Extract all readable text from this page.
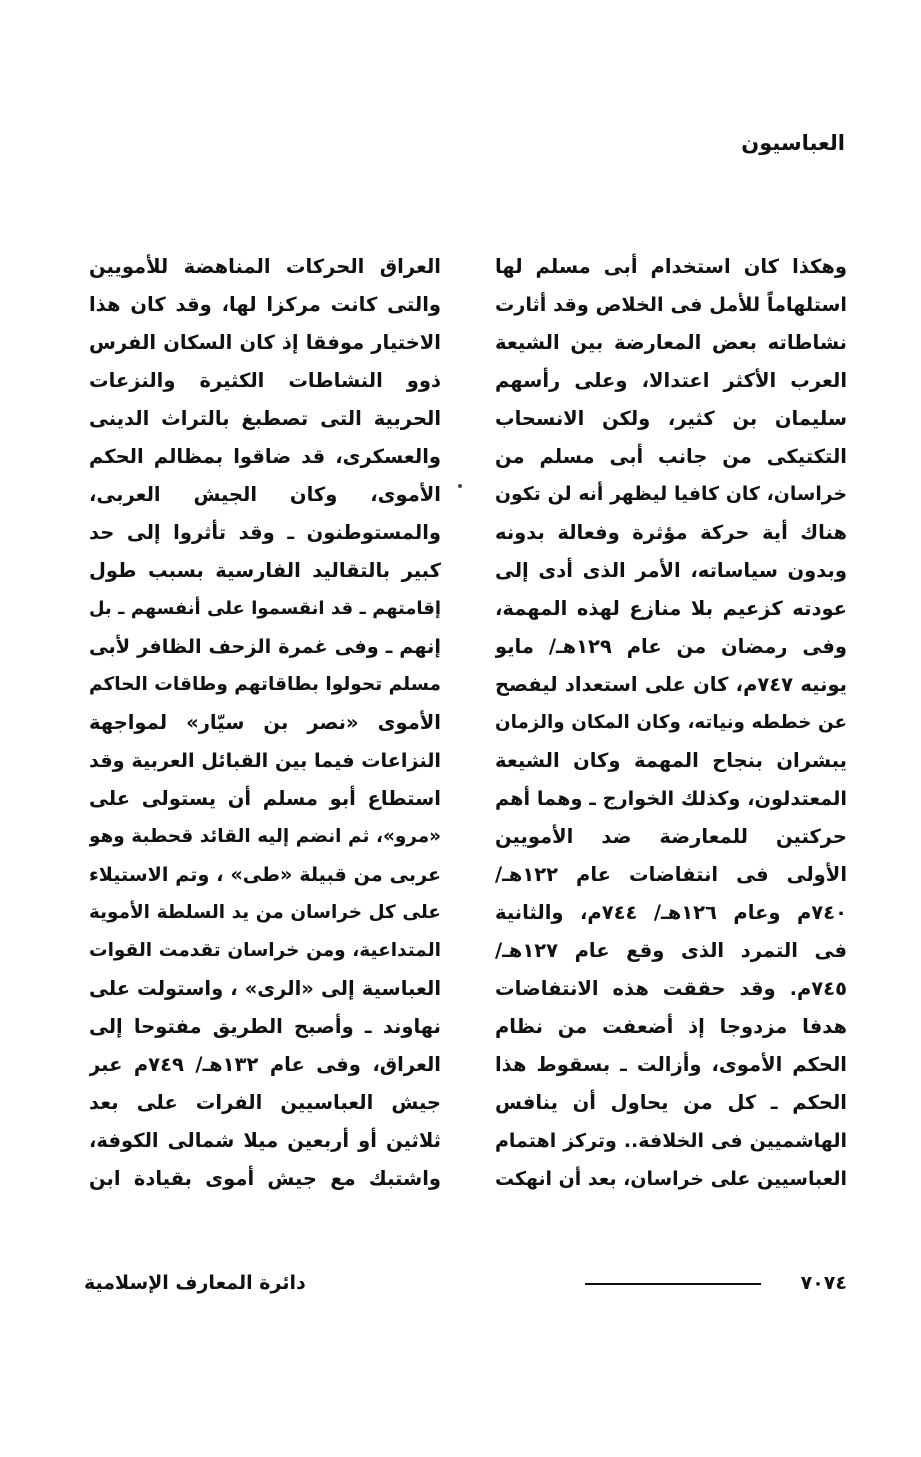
العباسيون
وهكذا كان استخدام أبى مسلم لها
استلهاماً للأمل فى الخلاص وقد أثارت
نشاطاته بعض المعارضة بين الشيعة
العرب الأكثر اعتدالا، وعلى رأسهم
سليمان بن كثير، ولكن الانسحاب
التكتيكى من جانب أبى مسلم من
خراسان، كان كافيا ليظهر أنه لن تكون
هناك أية حركة مؤثرة وفعالة بدونه
وبدون سياساته، الأمر الذى أدى إلى
عودته كزعيم بلا منازع لهذه المهمة،
وفى رمضان من عام ١٢٩هـ/ مايو
يونيه ٧٤٧م، كان على استعداد ليفصح
عن خططه ونياته، وكان المكان والزمان
يبشران بنجاح المهمة وكان الشيعة
المعتدلون، وكذلك الخوارج ـ وهما أهم
حركتين للمعارضة ضد الأمويين
الأولى فى انتفاضات عام ١٢٢هـ/
٧٤٠م وعام ١٢٦هـ/ ٧٤٤م، والثانية
فى التمرد الذى وقع عام ١٢٧هـ/
٧٤٥م. وقد حققت هذه الانتفاضات
هدفا مزدوجا إذ أضعفت من نظام
الحكم الأموى، وأزالت ـ بسقوط هذا
الحكم ـ كل من يحاول أن ينافس
الهاشميين فى الخلافة.. وتركز اهتمام
العباسيين على خراسان، بعد أن انهكت
العراق الحركات المناهضة للأمويين
والتى كانت مركزا لها، وقد كان هذا
الاختيار موفقا إذ كان السكان الفرس
ذوو النشاطات الكثيرة والنزعات
الحربية التى تصطبغ بالتراث الدينى
والعسكرى، قد ضاقوا بمظالم الحكم
الأموى، وكان الجيش العربى،
والمستوطنون ـ وقد تأثروا إلى حد
كبير بالتقاليد الفارسية بسبب طول
إقامتهم ـ قد انقسموا على أنفسهم ـ بل
إنهم ـ وفى غمرة الزحف الظافر لأبى
مسلم تحولوا بطاقاتهم وطاقات الحاكم
الأموى «نصر بن سيّار» لمواجهة
النزاعات فيما بين القبائل العربية وقد
استطاع أبو مسلم أن يستولى على
«مرو»، ثم انضم إليه القائد قحطبة وهو
عربى من قبيلة «طى» ، وتم الاستيلاء
على كل خراسان من يد السلطة الأموية
المتداعية، ومن خراسان تقدمت القوات
العباسية إلى «الرى» ، واستولت على
نهاوند ـ وأصبح الطريق مفتوحا إلى
العراق، وفى عام ١٣٢هـ/ ٧٤٩م عبر
جيش العباسيين الفرات على بعد
ثلاثين أو أربعين ميلا شمالى الكوفة،
واشتبك مع جيش أموى بقيادة ابن
٧٠٧٤
دائرة المعارف الإسلامية
